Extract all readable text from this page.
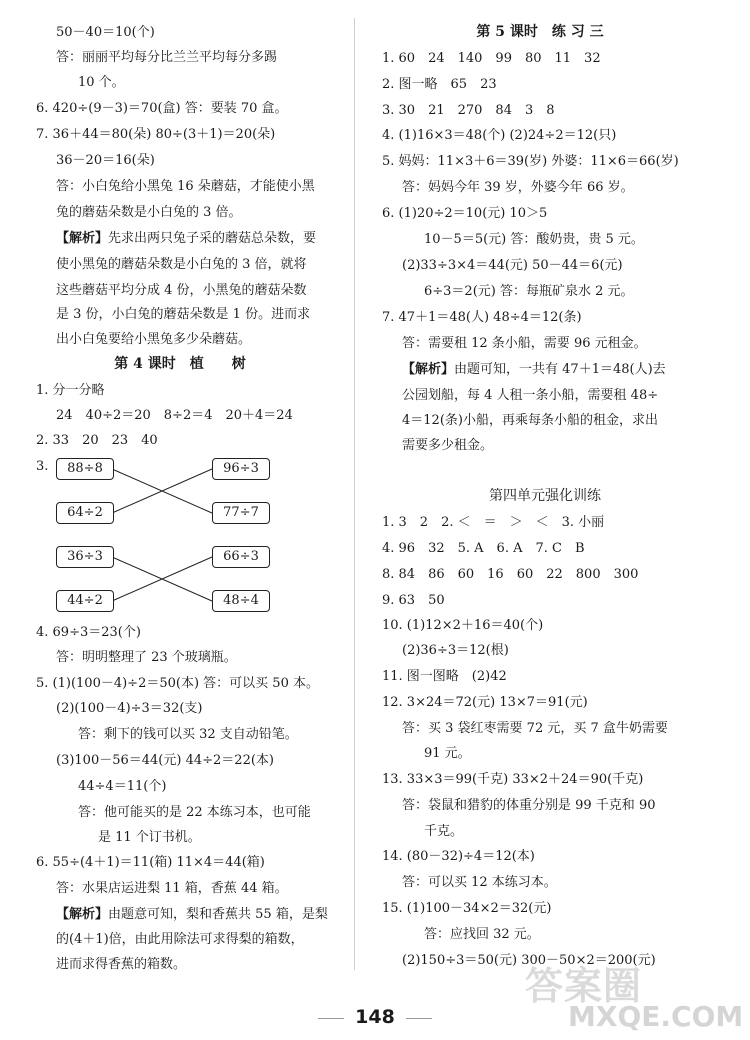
50－40＝10(个)
答：丽丽平均每分比兰兰平均每分多踢
10 个。
6. 420÷(9－3)＝70(盒) 答：要装 70 盒。
7. 36＋44＝80(朵) 80÷(3＋1)＝20(朵)
36－20＝16(朵)
答：小白兔给小黑兔 16 朵蘑菇，才能使小黑
兔的蘑菇朵数是小白兔的 3 倍。
【解析】先求出两只兔子采的蘑菇总朵数，要
使小黑兔的蘑菇朵数是小白兔的 3 倍，就将
这些蘑菇平均分成 4 份，小黑兔的蘑菇朵数
是 3 份，小白兔的蘑菇朵数是 1 份。进而求
出小白兔要给小黑兔多少朵蘑菇。
第 4 课时　植　　树
1. 分一分略
24　40÷2＝20　8÷2＝4　20＋4＝24
2. 33　20　23　40
3.	88÷8	96÷3
64÷2	77÷7
36÷3	66÷3
44÷2	48÷4
4. 69÷3＝23(个)
答：明明整理了 23 个玻璃瓶。
5. (1)(100－4)÷2＝50(本) 答：可以买 50 本。
(2)(100－4)÷3＝32(支)
答：剩下的钱可以买 32 支自动铅笔。
(3)100－56＝44(元) 44÷2＝22(本)
44÷4＝11(个)
答：他可能买的是 22 本练习本，也可能
是 11 个订书机。
6. 55÷(4＋1)＝11(箱) 11×4＝44(箱)
答：水果店运进梨 11 箱，香蕉 44 箱。
【解析】由题意可知，梨和香蕉共 55 箱，是梨
的(4＋1)倍，由此用除法可求得梨的箱数，
进而求得香蕉的箱数。
第 5 课时　练 习 三
1. 60　24　140　99　80　11　32
2. 图一略　65　23
3. 30　21　270　84　3　8
4. (1)16×3＝48(个) (2)24÷2＝12(只)
5. 妈妈：11×3＋6＝39(岁) 外婆：11×6＝66(岁)
答：妈妈今年 39 岁，外婆今年 66 岁。
6. (1)20÷2＝10(元) 10＞5
10－5＝5(元) 答：酸奶贵，贵 5 元。
(2)33÷3×4＝44(元) 50－44＝6(元)
6÷3＝2(元) 答：每瓶矿泉水 2 元。
7. 47＋1＝48(人) 48÷4＝12(条)
答：需要租 12 条小船，需要 96 元租金。
【解析】由题可知，一共有 47＋1＝48(人)去
公园划船，每 4 人租一条小船，需要租 48÷
4＝12(条)小船，再乘每条小船的租金，求出
需要多少租金。
第四单元强化训练
1. 3　2　2. ＜　＝　＞　＜　3. 小丽
4. 96　32　5. A　6. A　7. C　B
8. 84　86　60　16　60　22　800　300
9. 63　50
10. (1)12×2＋16＝40(个)
(2)36÷3＝12(根)
11. 图一图略　(2)42
12. 3×24＝72(元) 13×7＝91(元)
答：买 3 袋红枣需要 72 元，买 7 盒牛奶需要
91 元。
13. 33×3＝99(千克) 33×2＋24＝90(千克)
答：袋鼠和猎豹的体重分别是 99 千克和 90
千克。
14. (80－32)÷4＝12(本)
答：可以买 12 本练习本。
15. (1)100－34×2＝32(元)
答：应找回 32 元。
(2)150÷3＝50(元) 300－50×2＝200(元)
答案圈
MXQE.COM
148
